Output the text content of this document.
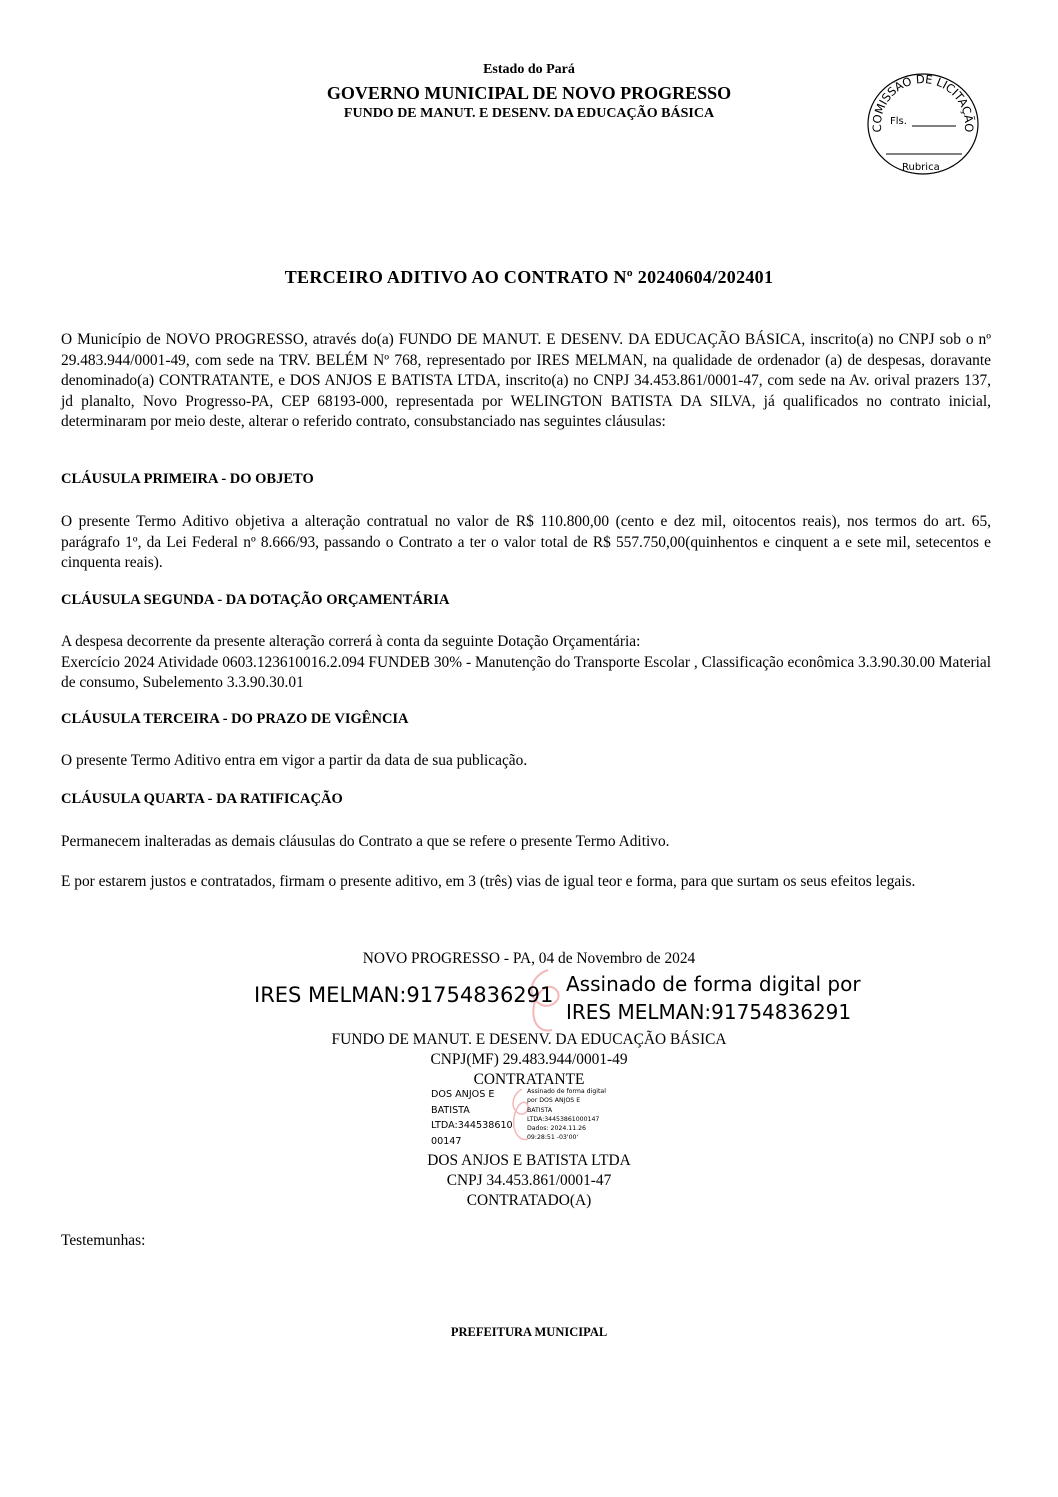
Estado do Pará
GOVERNO MUNICIPAL DE NOVO PROGRESSO
FUNDO DE MANUT. E DESENV. DA EDUCAÇÃO BÁSICA
COMISSÃO DE LICITAÇÃO
Fls.
Rubrica
TERCEIRO ADITIVO AO CONTRATO Nº 20240604/202401
O Município de NOVO PROGRESSO, através do(a) FUNDO DE MANUT. E DESENV. DA EDUCAÇÃO BÁSICA, inscrito(a) no CNPJ sob o nº 29.483.944/0001-49, com sede na TRV. BELÉM Nº 768, representado por IRES MELMAN, na qualidade de ordenador (a) de despesas, doravante denominado(a) CONTRATANTE, e DOS ANJOS E BATISTA LTDA, inscrito(a) no CNPJ 34.453.861/0001-47, com sede na Av. orival prazers 137, jd planalto, Novo Progresso-PA, CEP 68193-000, representada por WELINGTON BATISTA DA SILVA, já qualificados no contrato inicial, determinaram por meio deste, alterar o referido contrato, consubstanciado nas seguintes cláusulas:
CLÁUSULA PRIMEIRA - DO OBJETO
O presente Termo Aditivo objetiva a alteração contratual no valor de R$ 110.800,00 (cento e dez mil, oitocentos reais), nos termos do art. 65, parágrafo 1º, da Lei Federal nº 8.666/93, passando o Contrato a ter o valor total de R$ 557.750,00(quinhentos e cinquent a e sete mil, setecentos e cinquenta reais).
CLÁUSULA SEGUNDA - DA DOTAÇÃO ORÇAMENTÁRIA
A despesa decorrente da presente alteração correrá à conta da seguinte Dotação Orçamentária:
Exercício 2024 Atividade 0603.123610016.2.094 FUNDEB 30% - Manutenção do Transporte Escolar , Classificação econômica 3.3.90.30.00 Material de consumo, Subelemento 3.3.90.30.01
CLÁUSULA TERCEIRA - DO PRAZO DE VIGÊNCIA
O presente Termo Aditivo entra em vigor a partir da data de sua publicação.
CLÁUSULA QUARTA - DA RATIFICAÇÃO
Permanecem inalteradas as demais cláusulas do Contrato a que se refere o presente Termo Aditivo.
E por estarem justos e contratados, firmam o presente aditivo, em 3 (três) vias de igual teor e forma, para que surtam os seus efeitos legais.
NOVO PROGRESSO - PA, 04 de Novembro de 2024
IRES MELMAN:91754836291 Assinado de forma digital por
IRES MELMAN:91754836291
FUNDO DE MANUT. E DESENV. DA EDUCAÇÃO BÁSICA
CNPJ(MF) 29.483.944/0001-49
CONTRATANTE
DOS ANJOS E
BATISTA
LTDA:344538610
00147
Assinado de forma digital
por DOS ANJOS E
BATISTA
LTDA:34453861000147
Dados: 2024.11.26
09:28:51 -03'00'
DOS ANJOS E BATISTA LTDA
CNPJ 34.453.861/0001-47
CONTRATADO(A)
Testemunhas:
PREFEITURA MUNICIPAL
